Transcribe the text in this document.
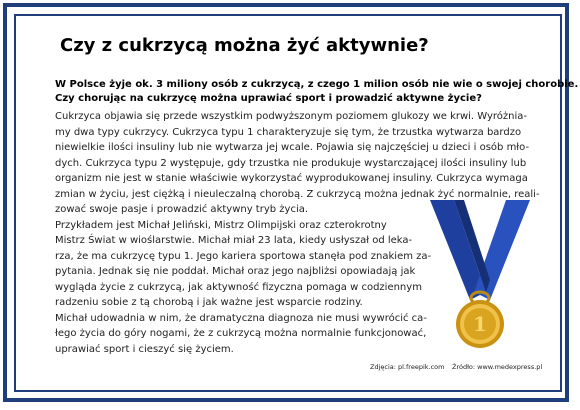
Czy z cukrzycą można żyć aktywnie?
W Polsce żyje ok. 3 miliony osób z cukrzycą, z czego 1 milion osób nie wie o swojej chorobie.
Czy chorując na cukrzycę można uprawiać sport i prowadzić aktywne życie?
Cukrzyca objawia się przede wszystkim podwyższonym poziomem glukozy we krwi. Wyróżnia-
my dwa typy cukrzycy. Cukrzyca typu 1 charakteryzuje się tym, że trzustka wytwarza bardzo
niewielkie ilości insuliny lub nie wytwarza jej wcale. Pojawia się najczęściej u dzieci i osób mło-
dych. Cukrzyca typu 2 występuje, gdy trzustka nie produkuje wystarczającej ilości insuliny lub
organizm nie jest w stanie właściwie wykorzystać wyprodukowanej insuliny. Cukrzyca wymaga
zmian w życiu, jest ciężką i nieuleczalną chorobą. Z cukrzycą można jednak żyć normalnie, reali-
zować swoje pasje i prowadzić aktywny tryb życia.
Przykładem jest Michał Jeliński, Mistrz Olimpijski oraz czterokrotny
Mistrz Świat w wioślarstwie. Michał miał 23 lata, kiedy usłyszał od leka-
rza, że ma cukrzycę typu 1. Jego kariera sportowa stanęła pod znakiem za-
pytania. Jednak się nie poddał. Michał oraz jego najbliżsi opowiadają jak
wygląda życie z cukrzycą, jak aktywność fizyczna pomaga w codziennym
radzeniu sobie z tą chorobą i jak ważne jest wsparcie rodziny.
Michał udowadnia w nim, że dramatyczna diagnoza nie musi wywrócić ca-
łego życia do góry nogami, że z cukrzycą można normalnie funkcjonować,
uprawiać sport i cieszyć się życiem.
1
Zdjęcia: pl.freepik.com Źródło: www.medexpress.pl
